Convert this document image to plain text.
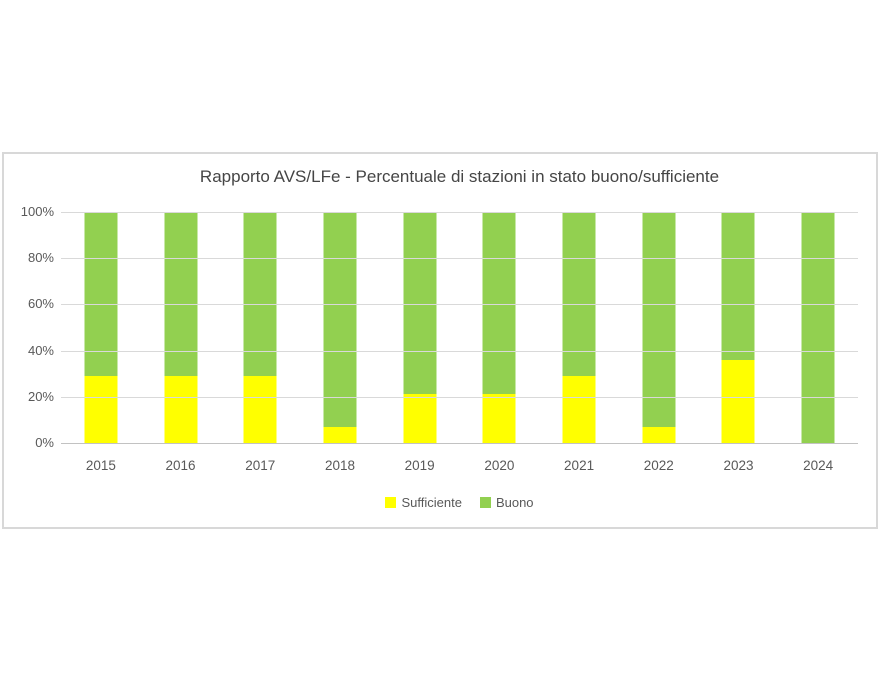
Rapporto AVS/LFe - Percentuale di stazioni in stato buono/sufficiente
100%
80%
60%
40%
20%
0%
2015	2016	2017	2018	2019	2020	2021	2022	2023	2024
Sufficiente	Buono
